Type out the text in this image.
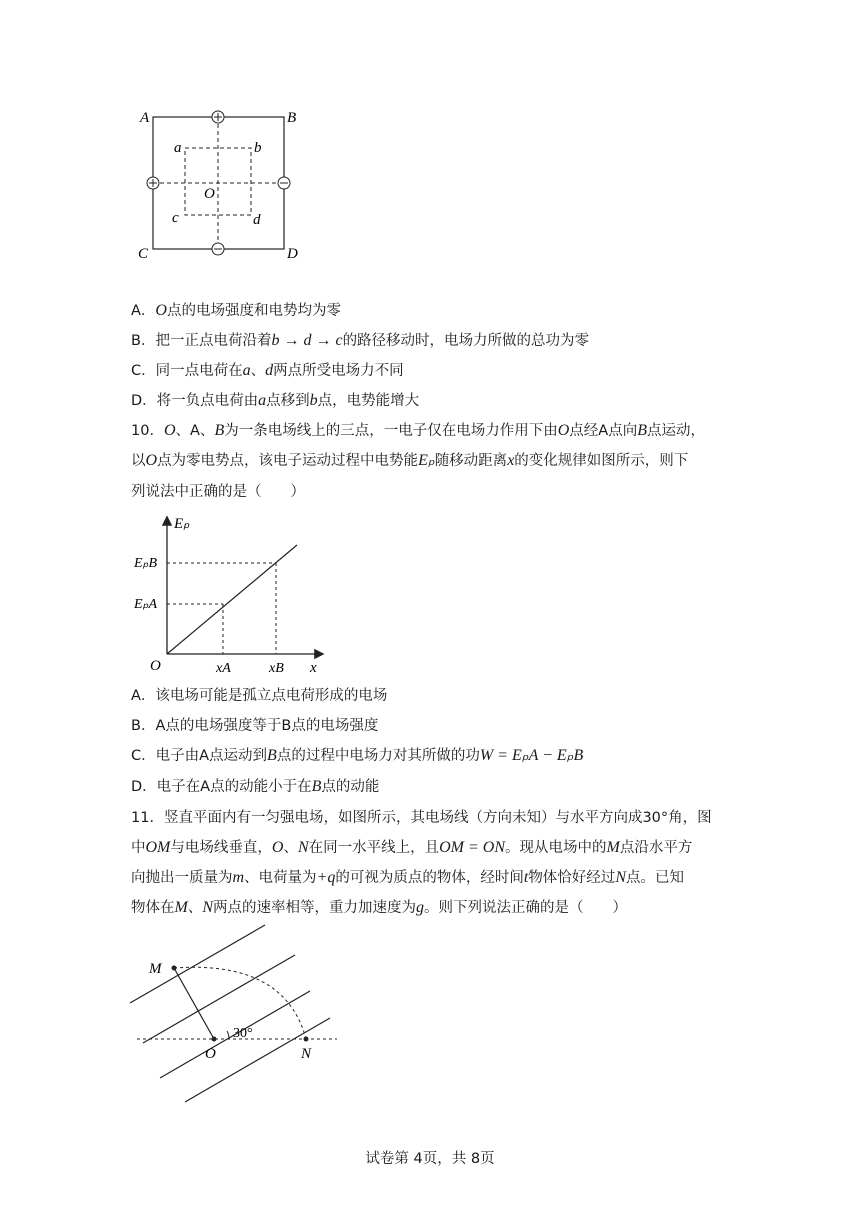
A	B
C	D
a	b
c	d
O
A．O点的电场强度和电势均为零
B．把一正点电荷沿着b → d → c的路径移动时，电场力所做的总功为零
C．同一点电荷在a、d两点所受电场力不同
D．将一负点电荷由a点移到b点，电势能增大
10．O、A、B为一条电场线上的三点，一电子仅在电场力作用下由O点经A点向B点运动，
以O点为零电势点，该电子运动过程中电势能Eₚ随移动距离x的变化规律如图所示，则下
列说法中正确的是（　　）
Eₚ
EₚB
EₚA
O	xA	xB x
A．该电场可能是孤立点电荷形成的电场
B．A点的电场强度等于B点的电场强度
C．电子由A点运动到B点的过程中电场力对其所做的功W = EₚA − EₚB
D．电子在A点的动能小于在B点的动能
11．竖直平面内有一匀强电场，如图所示，其电场线（方向未知）与水平方向成30°角，图
中OM与电场线垂直，O、N在同一水平线上，且OM = ON。现从电场中的M点沿水平方
向抛出一质量为m、电荷量为+q的可视为质点的物体，经时间t物体恰好经过N点。已知
物体在M、N两点的速率相等，重力加速度为g。则下列说法正确的是（　　）
M
O	N
30°
试卷第 4页，共 8页
